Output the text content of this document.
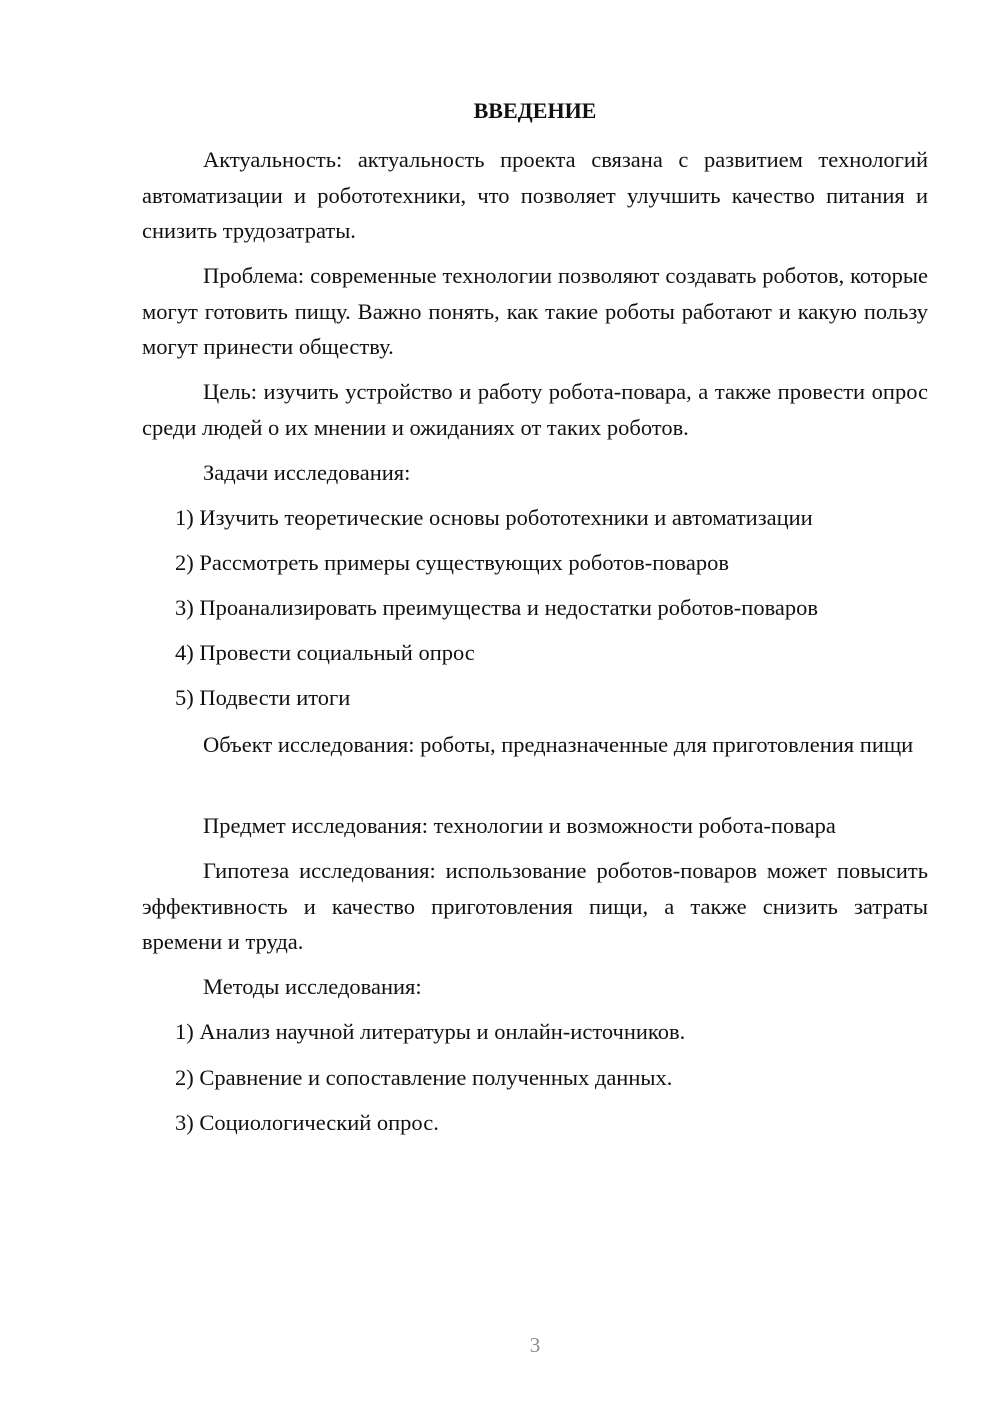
ВВЕДЕНИЕ

Актуальность: актуальность проекта связана с развитием технологий автоматизации и робототехники, что позволяет улучшить качество питания и снизить трудозатраты.

Проблема: современные технологии позволяют создавать роботов, которые могут готовить пищу. Важно понять, как такие роботы работают и какую пользу могут принести обществу.

Цель: изучить устройство и работу робота-повара, а также провести опрос среди людей о их мнении и ожиданиях от таких роботов.

Задачи исследования:

1) Изучить теоретические основы робототехники и автоматизации
2) Рассмотреть примеры существующих роботов-поваров
3) Проанализировать преимущества и недостатки роботов-поваров
4) Провести социальный опрос
5) Подвести итоги

Объект исследования: роботы, предназначенные для приготовления пищи

Предмет исследования: технологии и возможности робота-повара

Гипотеза исследования: использование роботов-поваров может повысить эффективность и качество приготовления пищи, а также снизить затраты времени и труда.

Методы исследования:

1) Анализ научной литературы и онлайн-источников.
2) Сравнение и сопоставление полученных данных.
3) Социологический опрос.
3
